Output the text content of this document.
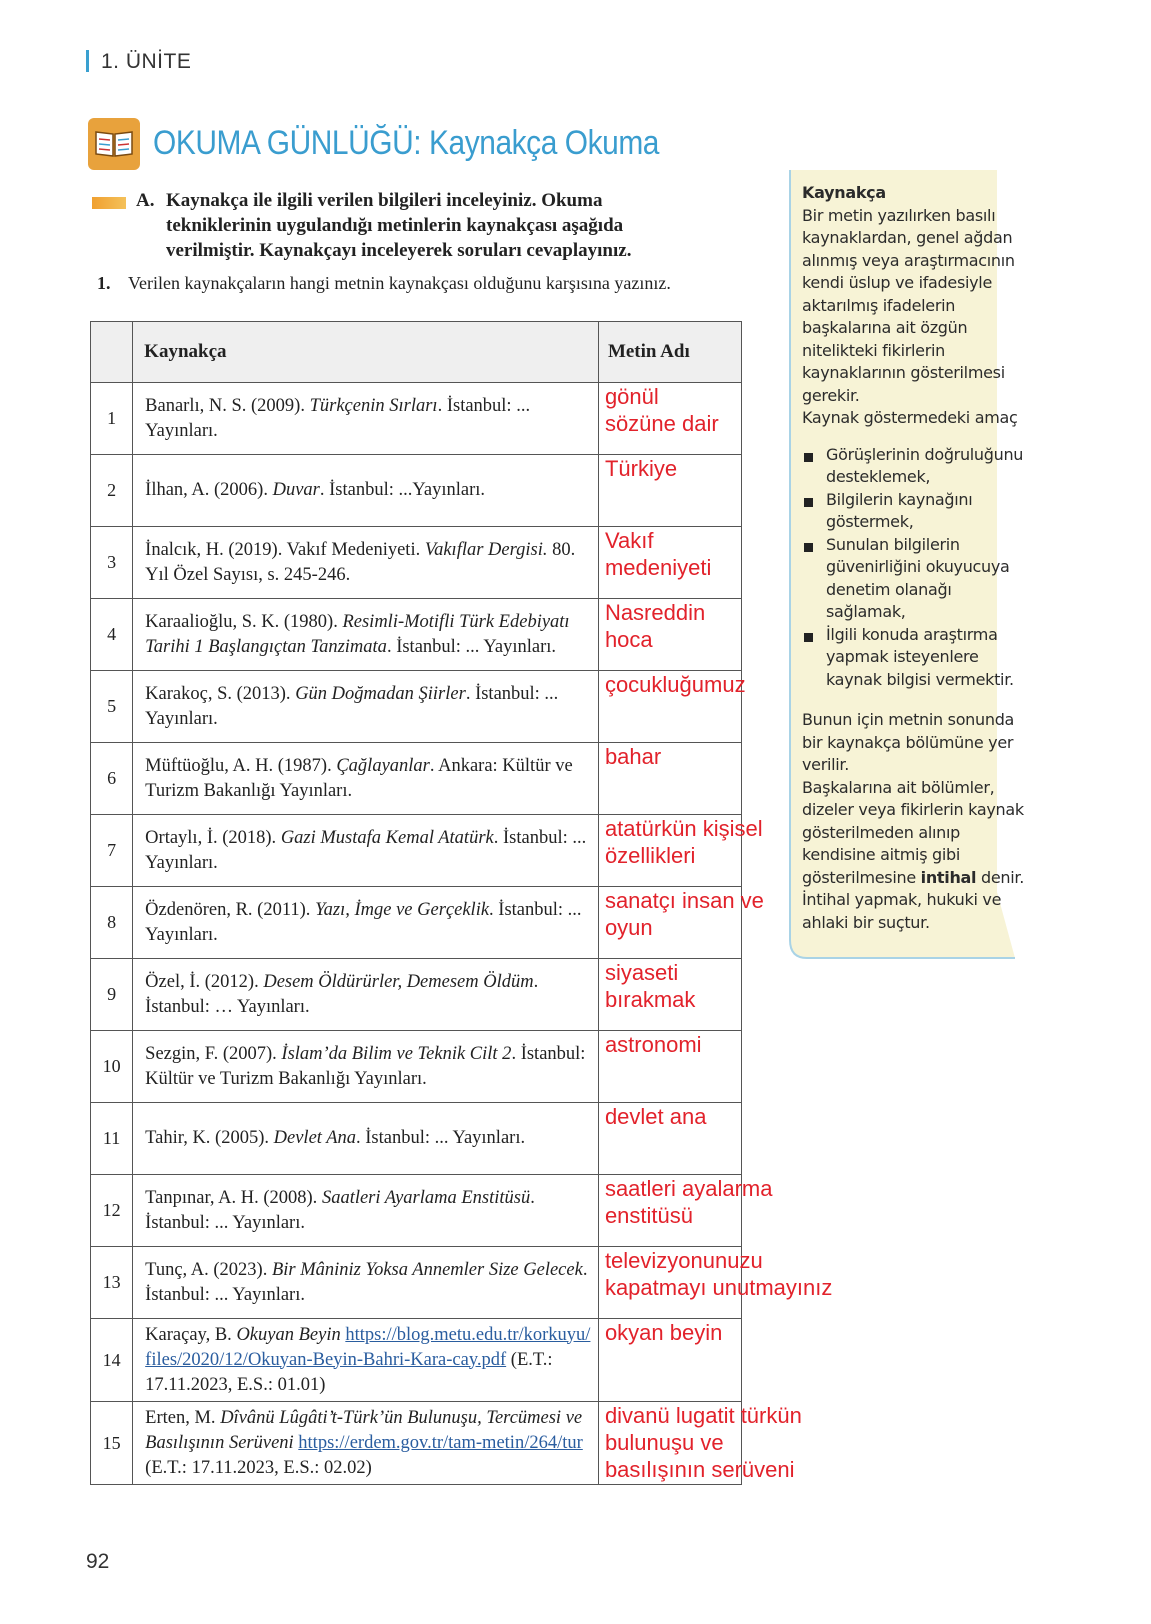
1. ÜNİTE
OKUMA GÜNLÜĞÜ: Kaynakça Okuma
A. Kaynakça ile ilgili verilen bilgileri inceleyiniz. Okuma tekniklerinin uygulandığı metinlerin kaynakçası aşağıda verilmiştir. Kaynakçayı inceleyerek soruları cevaplayınız.
1. Verilen kaynakçaların hangi metnin kaynakçası olduğunu karşısına yazınız.
	Kaynakça	Metin Adı
1	Banarlı, N. S. (2009). Türkçenin Sırları. İstanbul: ... Yayınları.	gönül
sözüne dair

2	İlhan, A. (2006). Duvar. İstanbul: ...Yayınları.	Türkiye

3	İnalcık, H. (2019). Vakıf Medeniyeti. Vakıflar Dergisi. 80. Yıl Özel Sayısı, s. 245-246.	Vakıf
medeniyeti

4	Karaalioğlu, S. K. (1980). Resimli-Motifli Türk Edebiyatı Tarihi 1 Başlangıçtan Tanzimata. İstanbul: ... Yayınları.	Nasreddin
hoca

5	Karakoç, S. (2013). Gün Doğmadan Şiirler. İstanbul: ... Yayınları.	çocukluğumuz

6	Müftüoğlu, A. H. (1987). Çağlayanlar. Ankara: Kültür ve Turizm Bakanlığı Yayınları.	bahar

7	Ortaylı, İ. (2018). Gazi Mustafa Kemal Atatürk. İstanbul: ... Yayınları.	atatürkün kişisel
özellikleri

8	Özdenören, R. (2011). Yazı, İmge ve Gerçeklik. İstanbul: ... Yayınları.	sanatçı insan ve
oyun

9	Özel, İ. (2012). Desem Öldürürler, Demesem Öldüm. İstanbul: … Yayınları.	siyaseti
bırakmak

10	Sezgin, F. (2007). İslam’da Bilim ve Teknik Cilt 2. İstanbul: Kültür ve Turizm Bakanlığı Yayınları.	astronomi

11	Tahir, K. (2005). Devlet Ana. İstanbul: ... Yayınları.	devlet ana

12	Tanpınar, A. H. (2008). Saatleri Ayarlama Enstitüsü. İstanbul: ... Yayınları.	saatleri ayalarma
enstitüsü

13	Tunç, A. (2023). Bir Mâniniz Yoksa Annemler Size Gelecek. İstanbul: ... Yayınları.	televizyonunuzu
kapatmayı unutmayınız

14	Karaçay, B. Okuyan Beyin https://blog.metu.edu.tr/korkuyu/files/2020/12/Okuyan-Beyin-Bahri-Kara-cay.pdf (E.T.: 17.11.2023, E.S.: 01.01)	okyan beyin

15	Erten, M. Dîvânü Lûgâti’t-Türk’ün Bulunuşu, Tercümesi ve Basılışının Serüveni https://erdem.gov.tr/tam-metin/264/tur (E.T.: 17.11.2023, E.S.: 02.02)	divanü lugatit türkün
bulunuşu ve
basılışının serüveni
Kaynakça
Bir metin yazılırken basılı kaynaklardan, genel ağdan alınmış veya araştırmacının kendi üslup ve ifadesiyle aktarılmış ifadelerin başkalarına ait özgün nitelikteki fikirlerin kaynaklarının gösterilmesi gerekir.
Kaynak göstermedeki amaç
Görüşlerinin doğruluğunu desteklemek,
Bilgilerin kaynağını göstermek,
Sunulan bilgilerin güvenirliğini okuyucuya denetim olanağı sağlamak,
İlgili konuda araştırma yapmak isteyenlere kaynak bilgisi vermektir.
Bunun için metnin sonunda bir kaynakça bölümüne yer verilir.
Başkalarına ait bölümler, dizeler veya fikirlerin kaynak gösterilmeden alınıp kendisine aitmiş gibi gösterilmesine intihal denir. İntihal yapmak, hukuki ve ahlaki bir suçtur.
92
